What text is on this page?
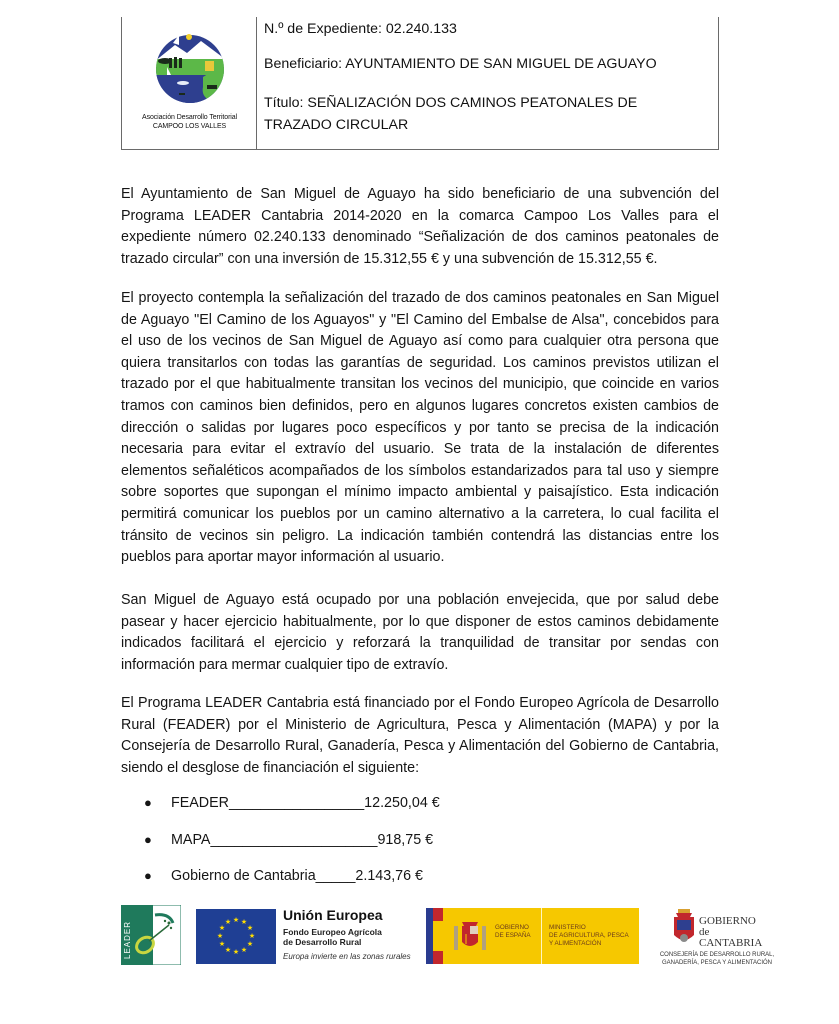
Asociación Desarrollo Territorial
CAMPOO LOS VALLES
N.º de Expediente: 02.240.133
Beneficiario: AYUNTAMIENTO DE SAN MIGUEL DE AGUAYO
Título: SEÑALIZACIÓN DOS CAMINOS PEATONALES DE TRAZADO CIRCULAR

El Ayuntamiento de San Miguel de Aguayo ha sido beneficiario de una subvención del Programa LEADER Cantabria 2014-2020 en la comarca Campoo Los Valles para el expediente número 02.240.133 denominado “Señalización de dos caminos peatonales de trazado circular” con una inversión de 15.312,55 € y una subvención de 15.312,55 €.

El proyecto contempla la señalización del trazado de dos caminos peatonales en San Miguel de Aguayo "El Camino de los Aguayos" y "El Camino del Embalse de Alsa", concebidos para el uso de los vecinos de San Miguel de Aguayo así como para cualquier otra persona que quiera transitarlos con todas las garantías de seguridad. Los caminos previstos utilizan el trazado por el que habitualmente transitan los vecinos del municipio, que coincide en varios tramos con caminos bien definidos, pero en algunos lugares concretos existen cambios de dirección o salidas por lugares poco específicos y por tanto se precisa de la indicación necesaria para evitar el extravío del usuario. Se trata de la instalación de diferentes elementos señaléticos acompañados de los símbolos estandarizados para tal uso y siempre sobre soportes que supongan el mínimo impacto ambiental y paisajístico. Esta indicación permitirá comunicar los pueblos por un camino alternativo a la carretera, lo cual facilita el tránsito de vecinos sin peligro. La indicación también contendrá las distancias entre los pueblos para aportar mayor información al usuario.

San Miguel de Aguayo está ocupado por una población envejecida, que por salud debe pasear y hacer ejercicio habitualmente, por lo que disponer de estos caminos debidamente indicados facilitará el ejercicio y reforzará la tranquilidad de transitar por sendas con información para mermar cualquier tipo de extravío.

El Programa LEADER Cantabria está financiado por el Fondo Europeo Agrícola de Desarrollo Rural (FEADER) por el Ministerio de Agricultura, Pesca y Alimentación (MAPA) y por la Consejería de Desarrollo Rural, Ganadería, Pesca y Alimentación del Gobierno de Cantabria, siendo el desglose de financiación el siguiente:

●	FEADER _________________ 12.250,04 €
●	MAPA _____________________ 918,75 €
●	Gobierno de Cantabria _____ 2.143,76 €
LEADER
★ ★
★
★
★
★
★
★
★
★
★
★	Unión Europea
Fondo Europeo Agrícola
de Desarrollo Rural
Europa invierte en las zonas rurales
GOBIERNO
DE ESPAÑA
MINISTERIO
DE AGRICULTURA, PESCA
Y ALIMENTACIÓN
GOBIERNO
de
CANTABRIA
CONSEJERÍA DE DESARROLLO RURAL,
GANADERÍA, PESCA Y ALIMENTACIÓN
